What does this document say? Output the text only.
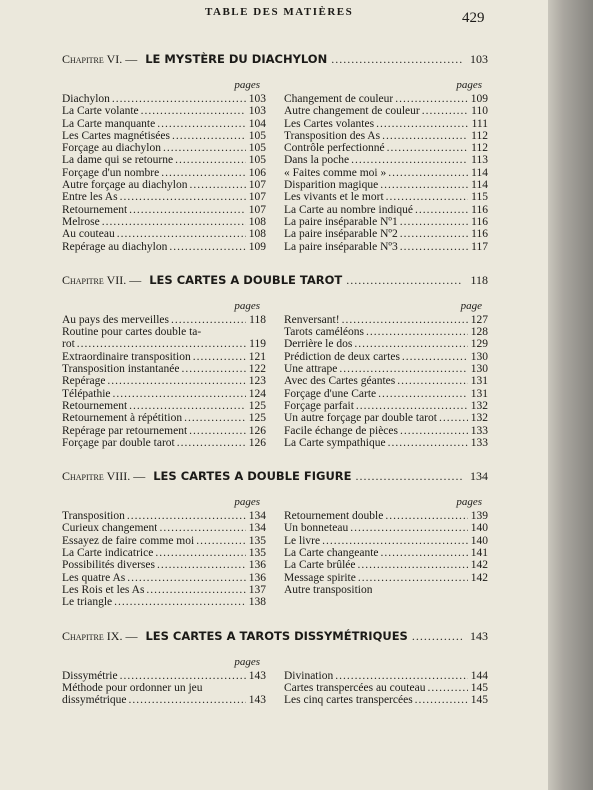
TABLE DES MATIÈRES	429
Chapitre VI. — LE MYSTÈRE DU DIACHYLON .....	103
pages
Diachylon .....	103
La Carte volante .....	103
La Carte manquante .....	104
Les Cartes magnétisées .....	105
Forçage au diachylon .....	105
La dame qui se retourne .....	105
Forçage d'un nombre .....	106
Autre forçage au diachylon .....	107
Entre les As .....	107
Retournement .....	107
Melrose .....	108
Au couteau .....	108
Repérage au diachylon .....	109
pages
Changement de couleur .....	109
Autre changement de couleur .....	110
Les Cartes volantes .....	111
Transposition des As .....	112
Contrôle perfectionné .....	112
Dans la poche .....	113
« Faites comme moi » .....	114
Disparition magique .....	114
Les vivants et le mort .....	115
La Carte au nombre indiqué .....	116
La paire inséparable Nº1 .....	116
La paire inséparable Nº2 .....	116
La paire inséparable Nº3 .....	117
Chapitre VII. — LES CARTES A DOUBLE TAROT .....	118
pages
Au pays des merveilles .....	118
Routine pour cartes double ta-
rot .....	119
Extraordinaire transposition .....	121
Transposition instantanée .....	122
Repérage .....	123
Télépathie .....	124
Retournement .....	125
Retournement à répétition .....	125
Repérage par retournement .....	126
Forçage par double tarot .....	126
page
Renversant! .....	127
Tarots caméléons .....	128
Derrière le dos .....	129
Prédiction de deux cartes .....	130
Une attrape .....	130
Avec des Cartes géantes .....	131
Forçage d'une Carte .....	131
Forçage parfait .....	132
Un autre forçage par double tarot .....	132
Facile échange de pièces .....	133
La Carte sympathique .....	133
Chapitre VIII. — LES CARTES A DOUBLE FIGURE .....	134
pages
Transposition .....	134
Curieux changement .....	134
Essayez de faire comme moi .....	135
La Carte indicatrice .....	135
Possibilités diverses .....	136
Les quatre As .....	136
Les Rois et les As .....	137
Le triangle .....	138
pages
Retournement double .....	139
Un bonneteau .....	140
Le livre .....	140
La Carte changeante .....	141
La Carte brûlée .....	142
Message spirite .....	142
Autre transposition
Chapitre IX. — LES CARTES A TAROTS DISSYMÉTRIQUES .....	143
pages
Dissymétrie .....	143
Méthode pour ordonner un jeu
dissymétrique .....	143
Divination .....	144
Cartes transpercées au couteau .....	145
Les cinq cartes transpercées .....	145
